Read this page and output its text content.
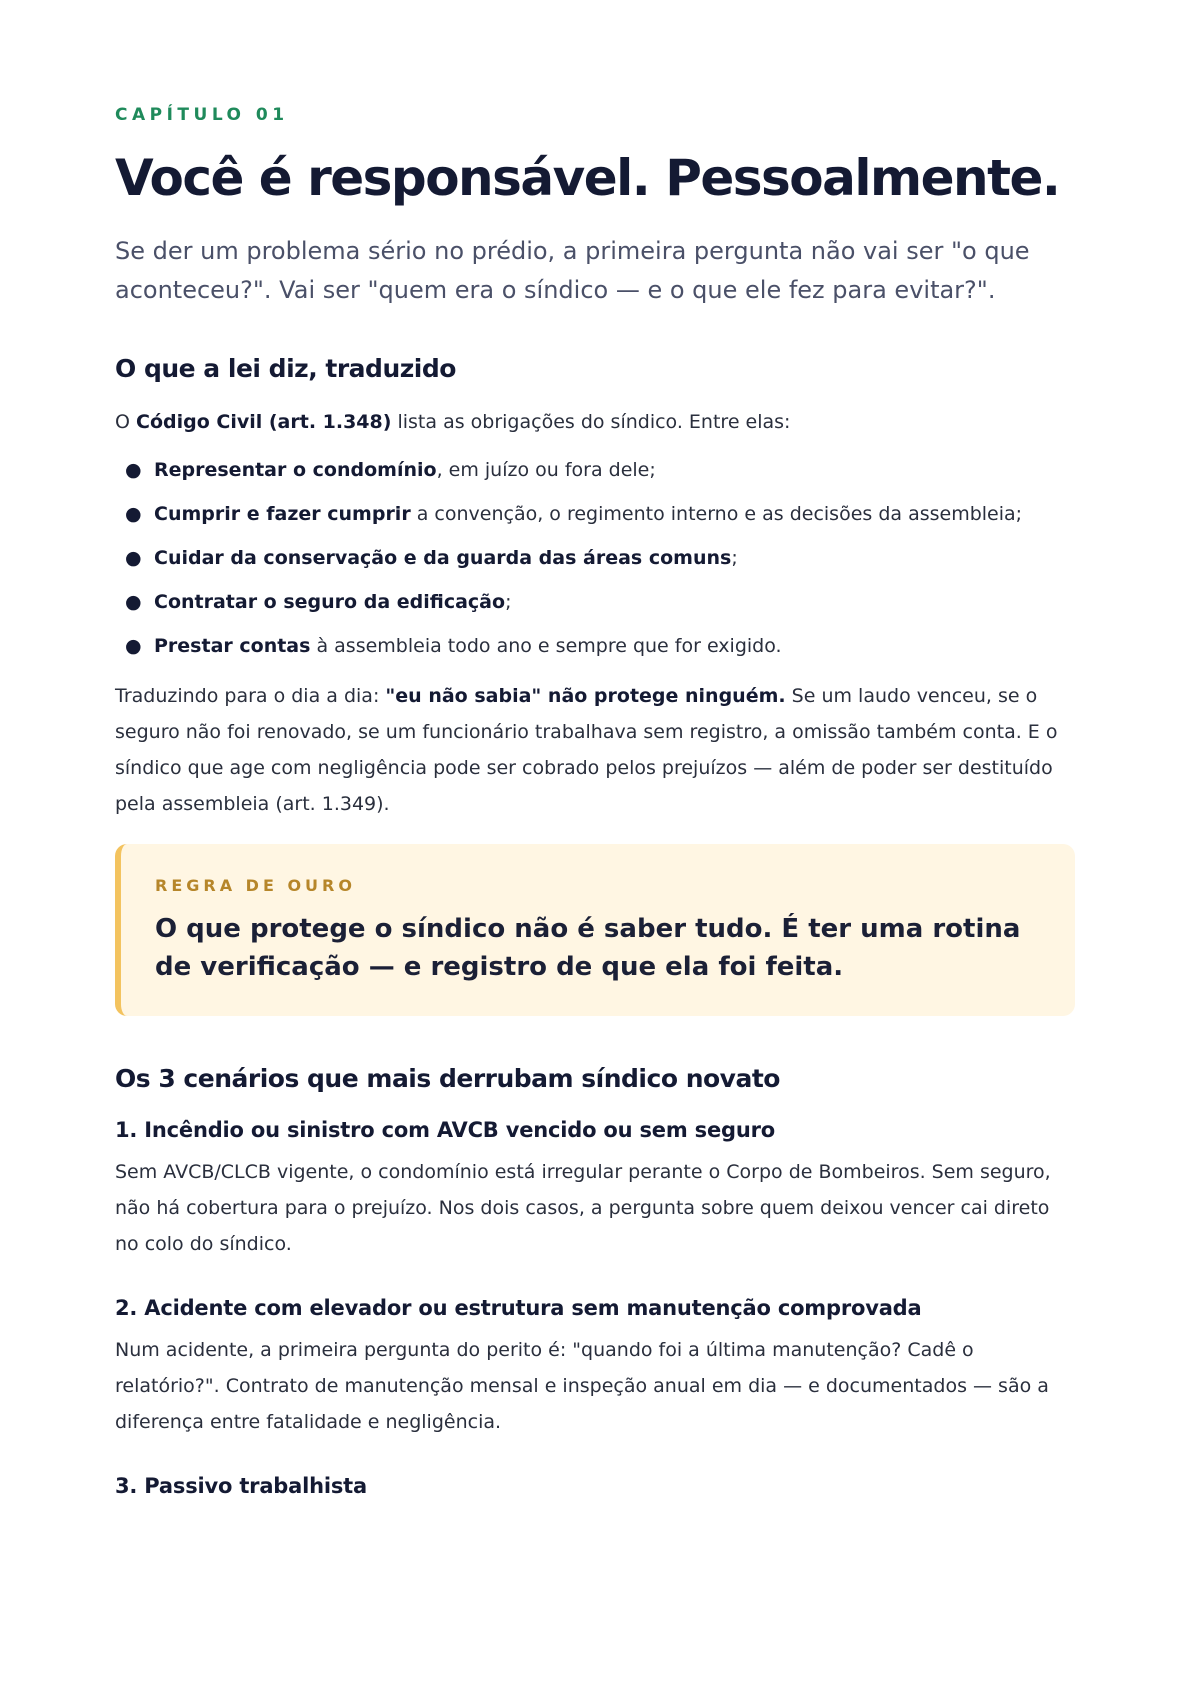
CAPÍTULO 01
Você é responsável. Pessoalmente.

Se der um problema sério no prédio, a primeira pergunta não vai ser "o que aconteceu?". Vai ser "quem era o síndico — e o que ele fez para evitar?".

O que a lei diz, traduzido

O Código Civil (art. 1.348) lista as obrigações do síndico. Entre elas:

● Representar o condomínio, em juízo ou fora dele;
● Cumprir e fazer cumprir a convenção, o regimento interno e as decisões da assembleia;
● Cuidar da conservação e da guarda das áreas comuns;
● Contratar o seguro da edificação;
● Prestar contas à assembleia todo ano e sempre que for exigido.

Traduzindo para o dia a dia: "eu não sabia" não protege ninguém. Se um laudo venceu, se o seguro não foi renovado, se um funcionário trabalhava sem registro, a omissão também conta. E o síndico que age com negligência pode ser cobrado pelos prejuízos — além de poder ser destituído pela assembleia (art. 1.349).

REGRA DE OURO
O que protege o síndico não é saber tudo. É ter uma rotina de verificação — e registro de que ela foi feita.
Os 3 cenários que mais derrubam síndico novato
1. Incêndio ou sinistro com AVCB vencido ou sem seguro

Sem AVCB/CLCB vigente, o condomínio está irregular perante o Corpo de Bombeiros. Sem seguro, não há cobertura para o prejuízo. Nos dois casos, a pergunta sobre quem deixou vencer cai direto no colo do síndico.

2. Acidente com elevador ou estrutura sem manutenção comprovada

Num acidente, a primeira pergunta do perito é: "quando foi a última manutenção? Cadê o relatório?". Contrato de manutenção mensal e inspeção anual em dia — e documentados — são a diferença entre fatalidade e negligência.

3. Passivo trabalhista
